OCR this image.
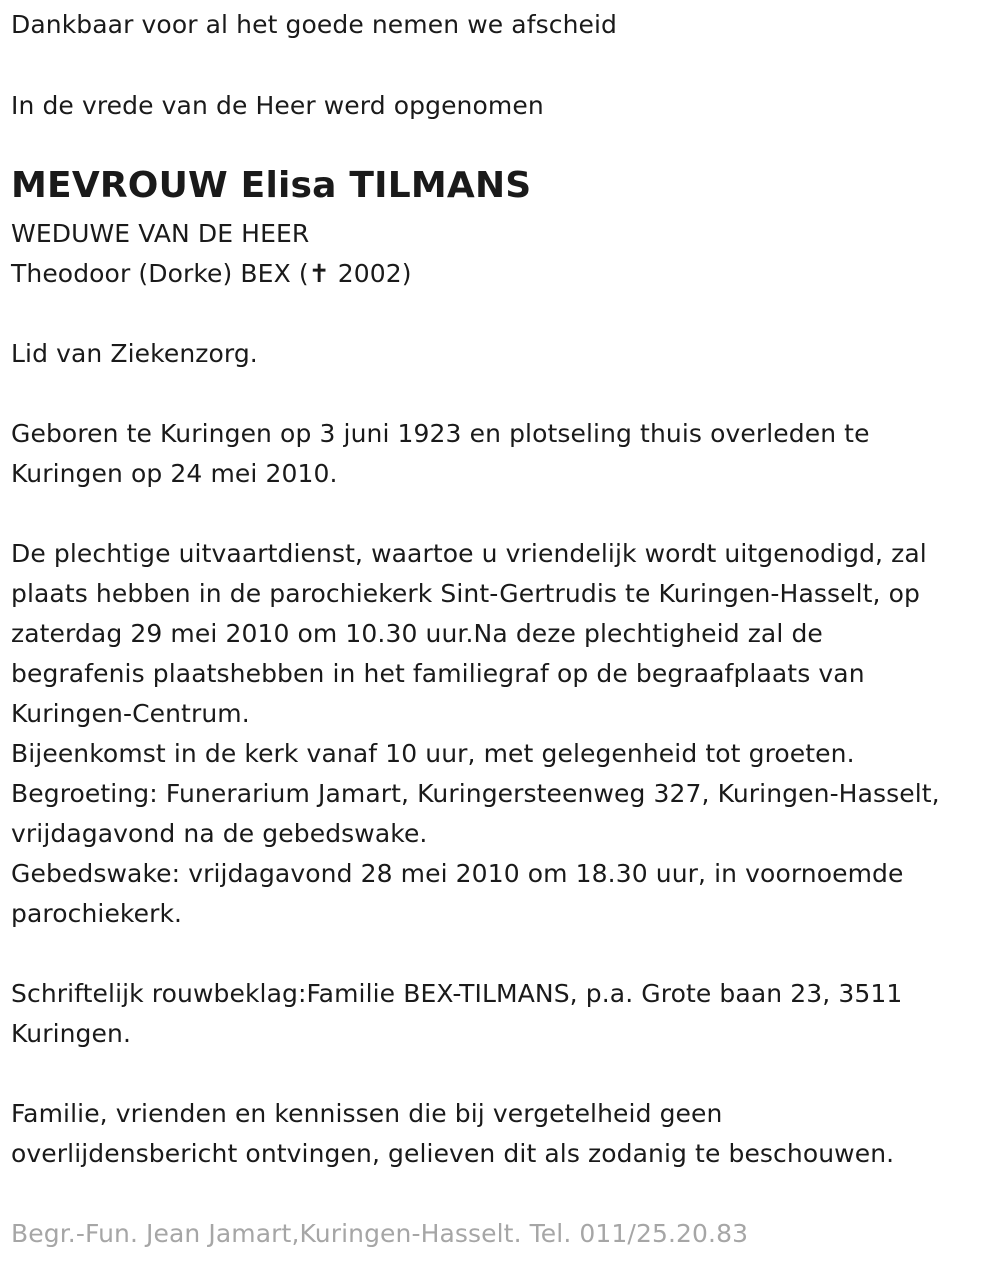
Dankbaar voor al het goede nemen we afscheid
In de vrede van de Heer werd opgenomen
MEVROUW Elisa TILMANS
WEDUWE VAN DE HEER
Theodoor (Dorke) BEX (✝ 2002)
Lid van Ziekenzorg.
Geboren te Kuringen op 3 juni 1923 en plotseling thuis overleden te
Kuringen op 24 mei 2010.
De plechtige uitvaartdienst, waartoe u vriendelijk wordt uitgenodigd, zal
plaats hebben in de parochiekerk Sint-Gertrudis te Kuringen-Hasselt, op
zaterdag 29 mei 2010 om 10.30 uur.Na deze plechtigheid zal de
begrafenis plaatshebben in het familiegraf op de begraafplaats van
Kuringen-Centrum.
Bijeenkomst in de kerk vanaf 10 uur, met gelegenheid tot groeten.
Begroeting: Funerarium Jamart, Kuringersteenweg 327, Kuringen-Hasselt,
vrijdagavond na de gebedswake.
Gebedswake: vrijdagavond 28 mei 2010 om 18.30 uur, in voornoemde
parochiekerk.
Schriftelijk rouwbeklag:Familie BEX-TILMANS, p.a. Grote baan 23, 3511
Kuringen.
Familie, vrienden en kennissen die bij vergetelheid geen
overlijdensbericht ontvingen, gelieven dit als zodanig te beschouwen.
Begr.-Fun. Jean Jamart,Kuringen-Hasselt. Tel. 011/25.20.83
